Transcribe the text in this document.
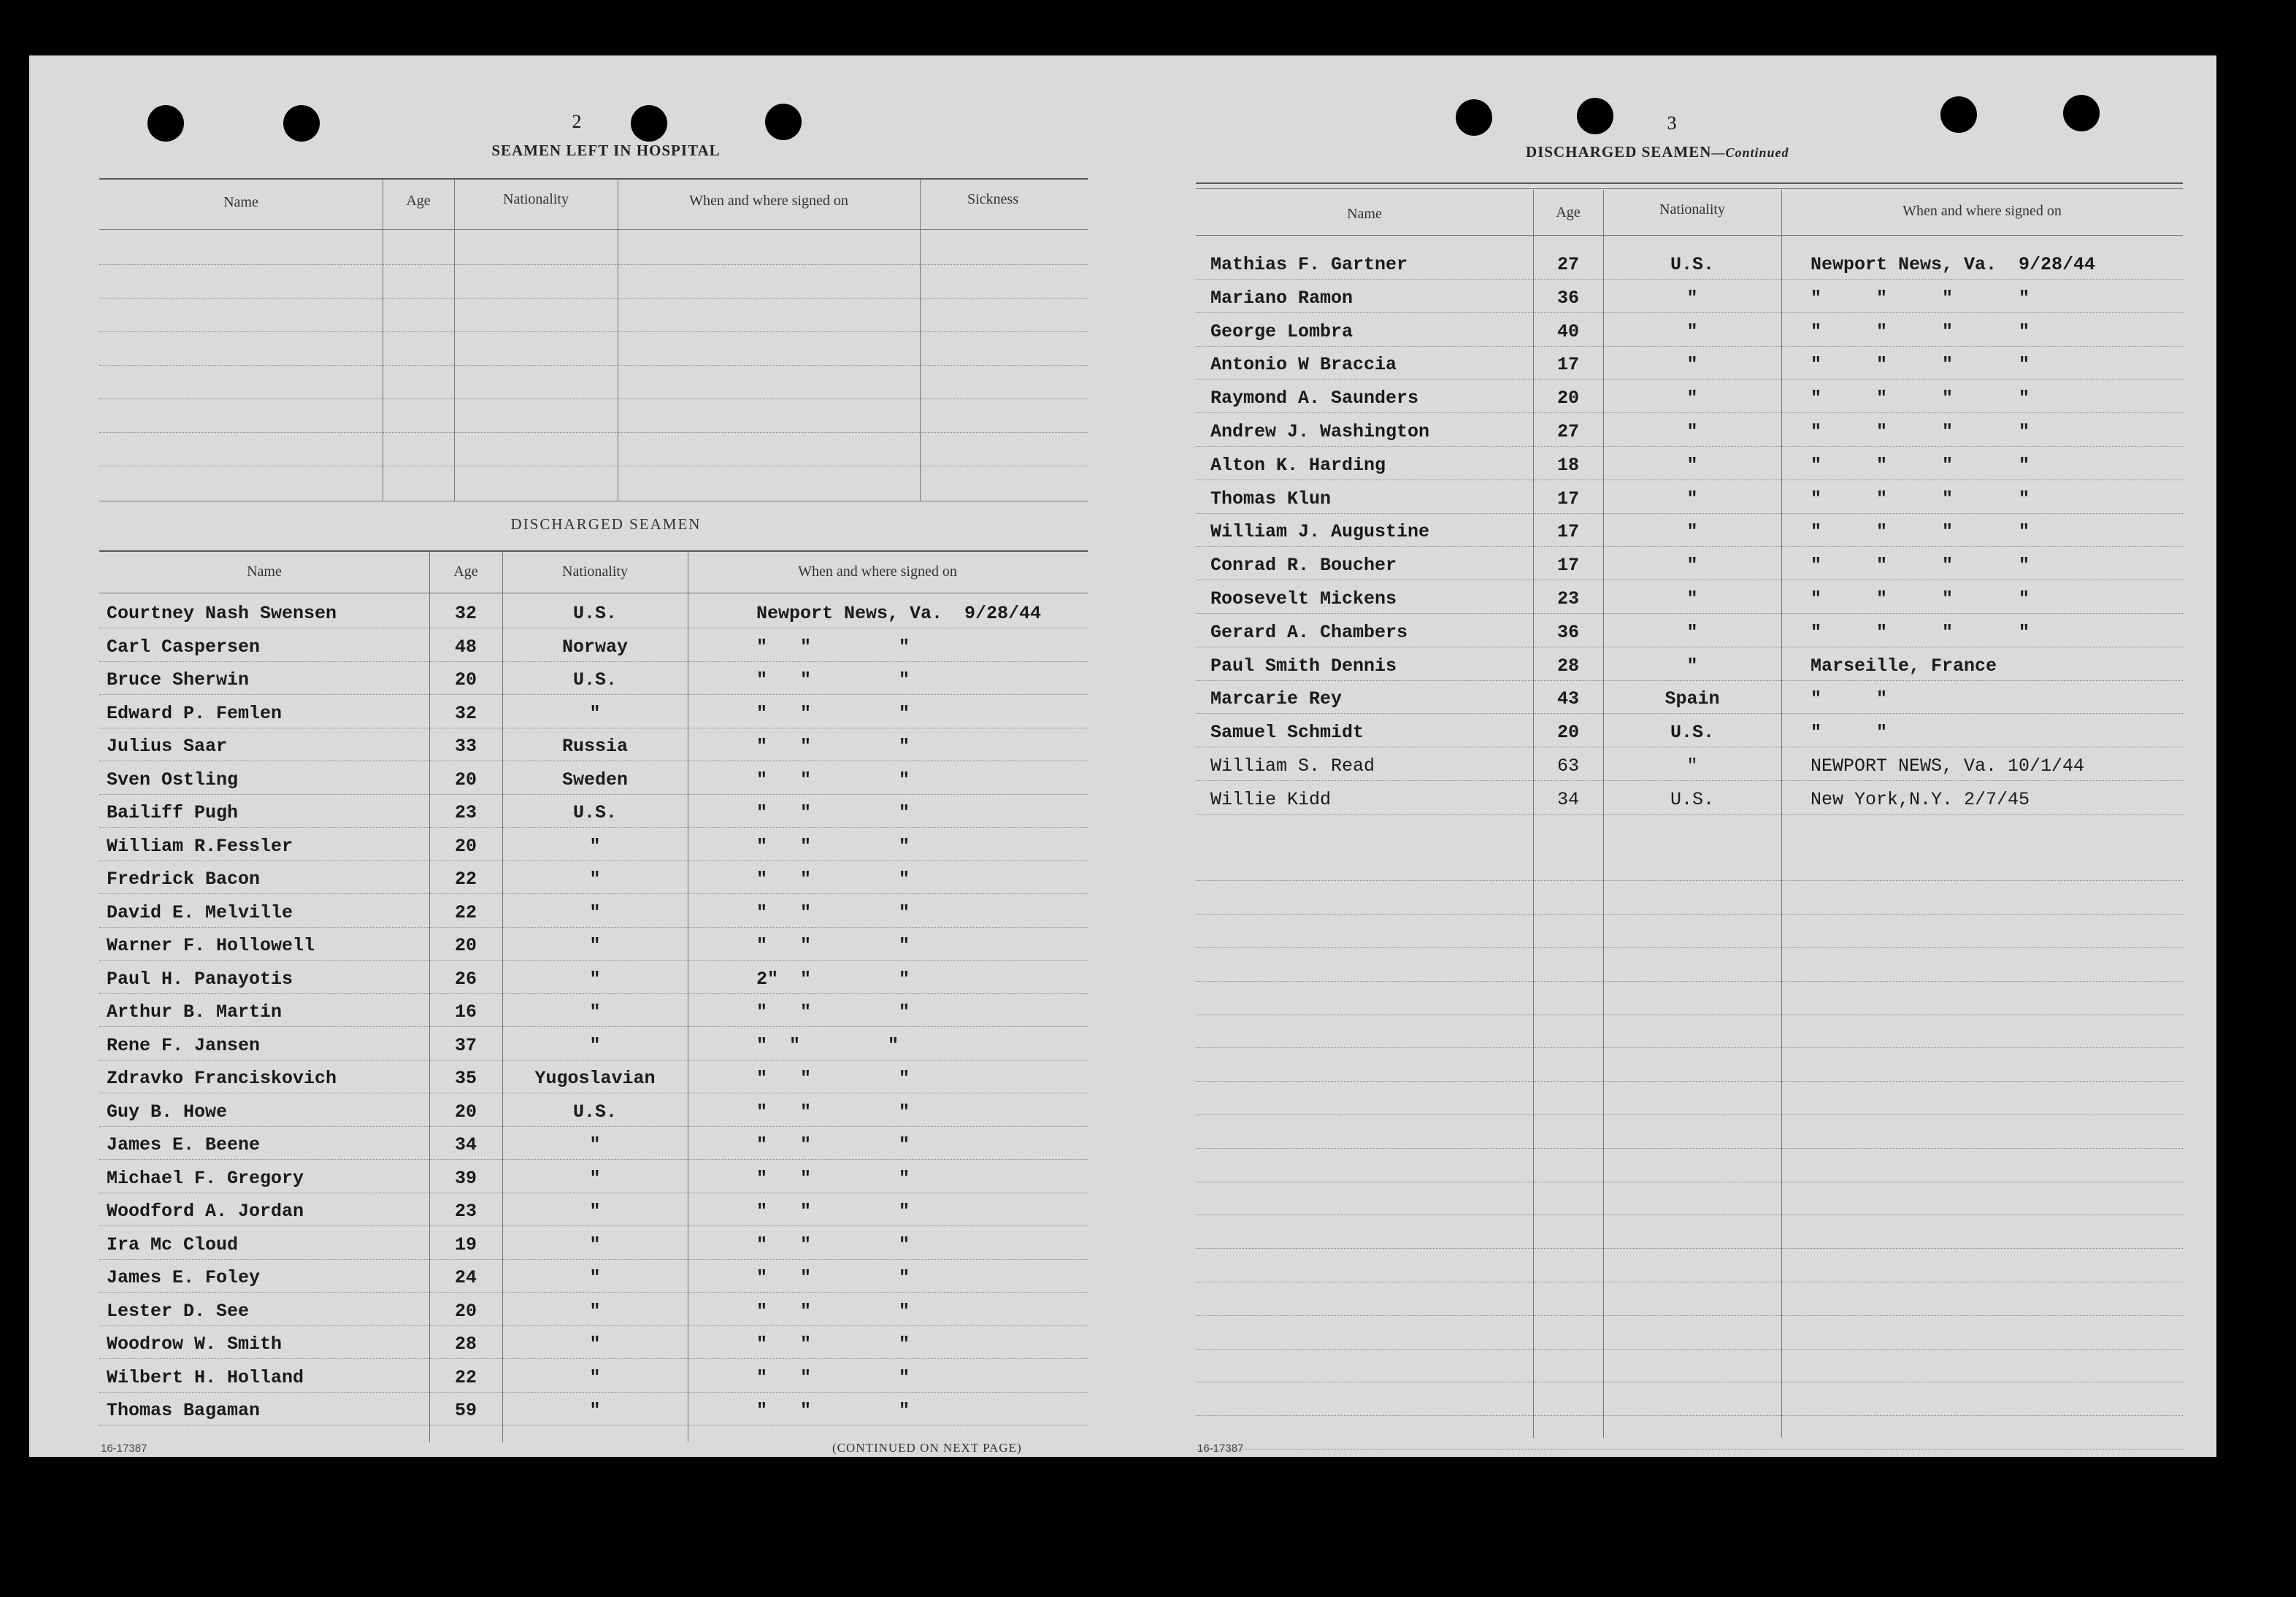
2
SEAMEN LEFT IN HOSPITAL
Name	Age	Nationality	When and where signed on	Sickness
DISCHARGED SEAMEN
Name	Age	Nationality	When and where signed on
Courtney Nash Swensen	32	U.S.	Newport News, Va.  9/28/44
Carl Caspersen	48	Norway	"   "        "
Bruce Sherwin	20	U.S.	"   "        "
Edward P. Femlen	32	"	"   "        "
Julius Saar	33	Russia	"   "        "
Sven Ostling	20	Sweden	"   "        "
Bailiff Pugh	23	U.S.	"   "        "
William R.Fessler	20	"	"   "        "
Fredrick Bacon	22	"	"   "        "
David E. Melville	22	"	"   "        "
Warner F. Hollowell	20	"	"   "        "
Paul H. Panayotis	26	"	2"  "        "
Arthur B. Martin	16	"	"   "        "
Rene F. Jansen	37	"	"  "        "
Zdravko Franciskovich	35	Yugoslavian	"   "        "
Guy B. Howe	20	U.S.	"   "        "
James E. Beene	34	"	"   "        "
Michael F. Gregory	39	"	"   "        "
Woodford A. Jordan	23	"	"   "        "
Ira Mc Cloud	19	"	"   "        "
James E. Foley	24	"	"   "        "
Lester D. See	20	"	"   "        "
Woodrow W. Smith	28	"	"   "        "
Wilbert H. Holland	22	"	"   "        "
Thomas Bagaman	59	"	"   "        "
16-17387	(CONTINUED ON NEXT PAGE)
3
DISCHARGED SEAMEN—Continued
Name	Age	Nationality	When and where signed on
Mathias F. Gartner	27	U.S.	Newport News, Va.  9/28/44
Mariano Ramon	36	"	"     "     "      "
George Lombra	40	"	"     "     "      "
Antonio W Braccia	17	"	"     "     "      "
Raymond A. Saunders	20	"	"     "     "      "
Andrew J. Washington	27	"	"     "     "      "
Alton K. Harding	18	"	"     "     "      "
Thomas Klun	17	"	"     "     "      "
William J. Augustine	17	"	"     "     "      "
Conrad R. Boucher	17	"	"     "     "      "
Roosevelt Mickens	23	"	"     "     "      "
Gerard A. Chambers	36	"	"     "     "      "
Paul Smith Dennis	28	"	Marseille, France
Marcarie Rey	43	Spain	"     "
Samuel Schmidt	20	U.S.	"     "
William S. Read	63	"	NEWPORT NEWS, Va. 10/1/44
Willie Kidd	34	U.S.	New York,N.Y. 2/7/45
16-17387
